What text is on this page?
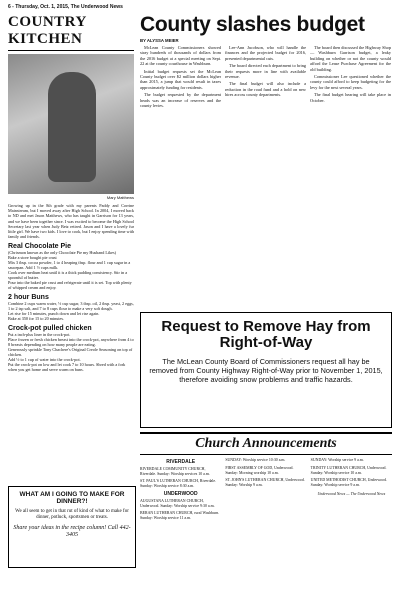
6 - Thursday, Oct. 1, 2015, The Underwood News
COUNTRY KITCHEN
Mary Matthews
Growing up in the 8th grade with my parents Paddy and Corrine Mainstream, but I moved away after High School. In 2004, I moved back to ND and met Jason Matthews, who has taught in Garrison for 13 years, and we have been together since. I was excited to become the High School Secretary last year when Judy Betz retired. Jason and I have a lovely fur little girl. We have two kids. I love to cook, but I enjoy spending time with family and friends.
Real Chocolate Pie
(Chrismon known as the only Chocolate Pie my Husband Likes)
Bake a store bought pie crust
Mix 3 tbsp. cocoa powder, 1 to 4 heaping tbsp. flour and 1 cup sugar in a saucepan. Add 1 ½ cups milk.
Cook over medium heat until it is a thick pudding consistency. Stir in a spoonful of butter.
Pour into the baked pie crust and refrigerate until it is set. Top with plenty of whipped cream and enjoy.
2 hour Buns
Combine 2 cups warm water, ½ cup sugar, 3 tbsp. oil, 2 tbsp. yeast, 2 eggs, 1 to 2 tsp salt, and 7 to 8 cups flour to make a very soft dough.
Let rise for 15 minutes, punch down and let rise again.
Bake at 350 for 15 to 20 minutes.
Crock-pot pulled chicken
Put a inch-plus liner in the crock-pot.
Place frozen or fresh chicken breast into the crock-pot, anywhere from 4 to 8 breasts depending on how many people are eating.
Generously sprinkle Tony Chachere's Original Creole Seasoning on top of chicken.
Add ½ to 1 cup of water into the crock-pot.
Put the crock-pot on low and let cook 7 to 10 hours. Shred with a fork when you get home and serve warm on buns.
WHAT AM I GOING TO MAKE FOR DINNER?!
We all seem to get in that rut of kind of what to make for dinner, potluck, sportsmen or treats.
Share your ideas in the recipe column! Call 442-3405
County slashes budget
BY ALYSSA MEIER

McLean County Commissioners showed stray hundreds of thousands of dollars from the 2016 budget at a special meeting on Sept. 22 at the county courthouse in Washburn.

Initial budget requests set the McLean County budget over $2 million dollars higher than 2015, a jump that would result in taxes approximately funding for residents.

The budget requested by the department heads was an increase of reserves and the county levies.

Lee-Ann Jacobson, who will handle the finances and the projected budget for 2016, presented departmental cuts.

The board directed each department to bring their requests more in line with available revenue.

The final budget will also include a reduction in the road fund and a hold on new hires across county departments.

The board then discussed the Highway Shop — Washburn Garrison budget, a leaky building on whether or not the county would afford the Lease Purchase Agreement for the old building.

Commissioner Lee questioned whether the county could afford to keep budgeting for the levy for the next several years.

The final budget hearing will take place in October.

Request to Remove Hay from Right-of-Way
The McLean County Board of Commissioners request all hay be removed from County Highway Right-of-Way prior to November 1, 2015, therefore avoiding snow problems and traffic hazards.
Church Announcements
RIVERDALE
RIVERDALE COMMUNITY CHURCH, Riverdale. Sunday: Worship services 10 a.m.
ST. PAUL'S LUTHERAN CHURCH, Riverdale. Sunday: Worship service 8:30 a.m.
UNDERWOOD
AUGUSTANA LUTHERAN CHURCH, Underwood. Sunday: Worship service 9:30 a.m.
BERAN LUTHERAN CHURCH, rural Washburn. Sunday: Worship service 11 a.m.
SUNDAY: Worship service 10:30 a.m.
FIRST ASSEMBLY OF GOD, Underwood. Sunday: Morning worship 10 a.m.
ST. JOHN'S LUTHERAN CHURCH, Underwood. Sunday: Worship 9 a.m.
SUNDAY: Worship service 9 a.m.
TRINITY LUTHERAN CHURCH, Underwood. Sunday: Worship service 10 a.m.
UNITED METHODIST CHURCH, Underwood. Sunday: Worship service 9 a.m.
Underwood News — The Underwood News
